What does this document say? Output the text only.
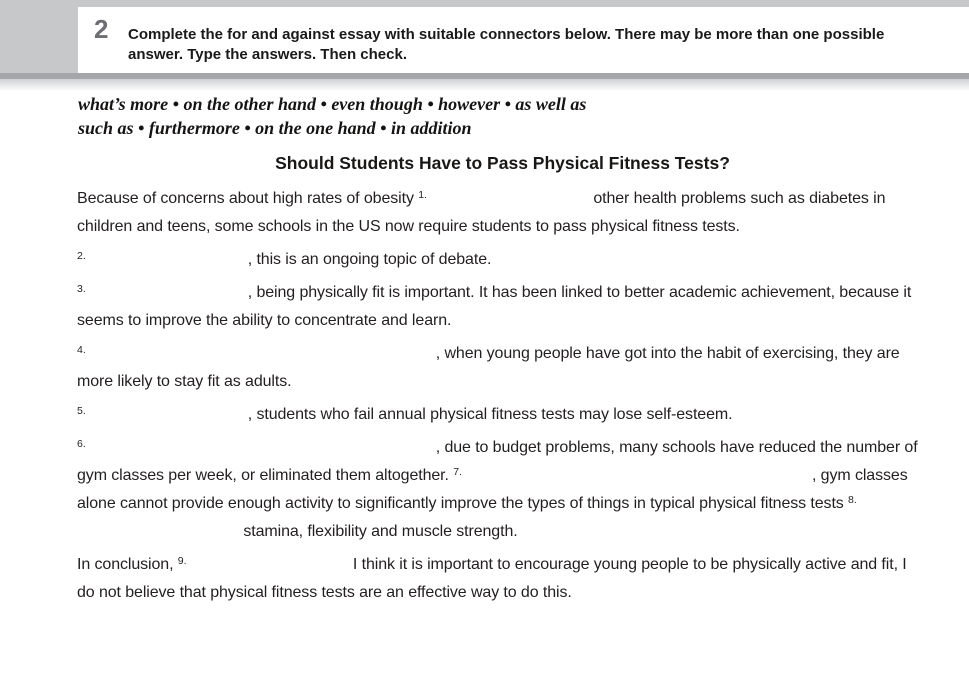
2 Complete the for and against essay with suitable connectors below. There may be more than one possible answer. Type the answers. Then check.
what’s more • on the other hand • even though • however • as well as
such as • furthermore • on the one hand • in addition
Should Students Have to Pass Physical Fitness Tests?

Because of concerns about high rates of obesity $^{1.}$	other health problems such as diabetes in children and teens, some schools in the US now require students to pass physical fitness tests.

$^{2.}$	, this is an ongoing topic of debate.

$^{3.}$	, being physically fit is important. It has been linked to better academic achievement, because it seems to improve the ability to concentrate and learn.

$^{4.}$	, when young people have got into the habit of exercising, they are more likely to stay fit as adults.

$^{5.}$	, students who fail annual physical fitness tests may lose self-esteem.

$^{6.}$	, due to budget problems, many schools have reduced the number of gym classes per week, or eliminated them altogether. $^{7.}$	, gym classes alone cannot provide enough activity to significantly improve the types of things in typical physical fitness tests $^{8.}$ stamina, flexibility and muscle strength.

In conclusion, $^{9.}$	I think it is important to encourage young people to be physically active and fit, I do not believe that physical fitness tests are an effective way to do this.
